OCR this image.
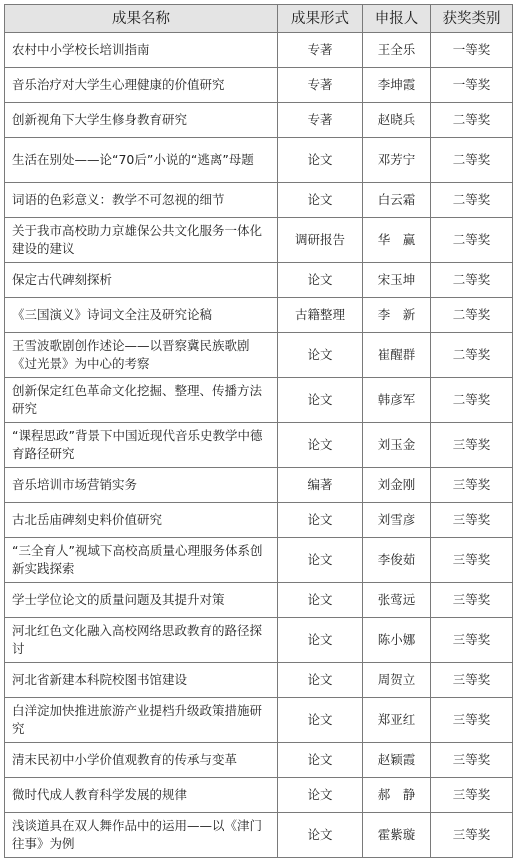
成果名称	成果形式	申报人	获奖类别
农村中小学校长培训指南	专著	王全乐	一等奖
音乐治疗对大学生心理健康的价值研究	专著	李坤霞	一等奖
创新视角下大学生修身教育研究	专著	赵晓兵	二等奖
生活在别处——论“70后”小说的“逃离”母题	论文	邓芳宁	二等奖
词语的色彩意义：教学不可忽视的细节	论文	白云霜	二等奖
关于我市高校助力京雄保公共文化服务一体化建设的建议	调研报告	华　赢	二等奖
保定古代碑刻探析	论文	宋玉坤	二等奖
《三国演义》诗词文全注及研究论稿	古籍整理	李　新	二等奖
王雪波歌剧创作述论——以晋察冀民族歌剧《过光景》为中心的考察	论文	崔醒群	二等奖
创新保定红色革命文化挖掘、整理、传播方法研究	论文	韩彦军	二等奖
“课程思政”背景下中国近现代音乐史教学中德育路径研究	论文	刘玉金	三等奖
音乐培训市场营销实务	编著	刘金刚	三等奖
古北岳庙碑刻史料价值研究	论文	刘雪彦	三等奖
“三全育人”视域下高校高质量心理服务体系创新实践探索	论文	李俊茹	三等奖
学士学位论文的质量问题及其提升对策	论文	张莺远	三等奖
河北红色文化融入高校网络思政教育的路径探讨	论文	陈小娜	三等奖
河北省新建本科院校图书馆建设	论文	周贺立	三等奖
白洋淀加快推进旅游产业提档升级政策措施研究	论文	郑亚红	三等奖
清末民初中小学价值观教育的传承与变革	论文	赵颖霞	三等奖
微时代成人教育科学发展的规律	论文	郝　静	三等奖
浅谈道具在双人舞作品中的运用——以《津门往事》为例	论文	霍紫璇	三等奖
